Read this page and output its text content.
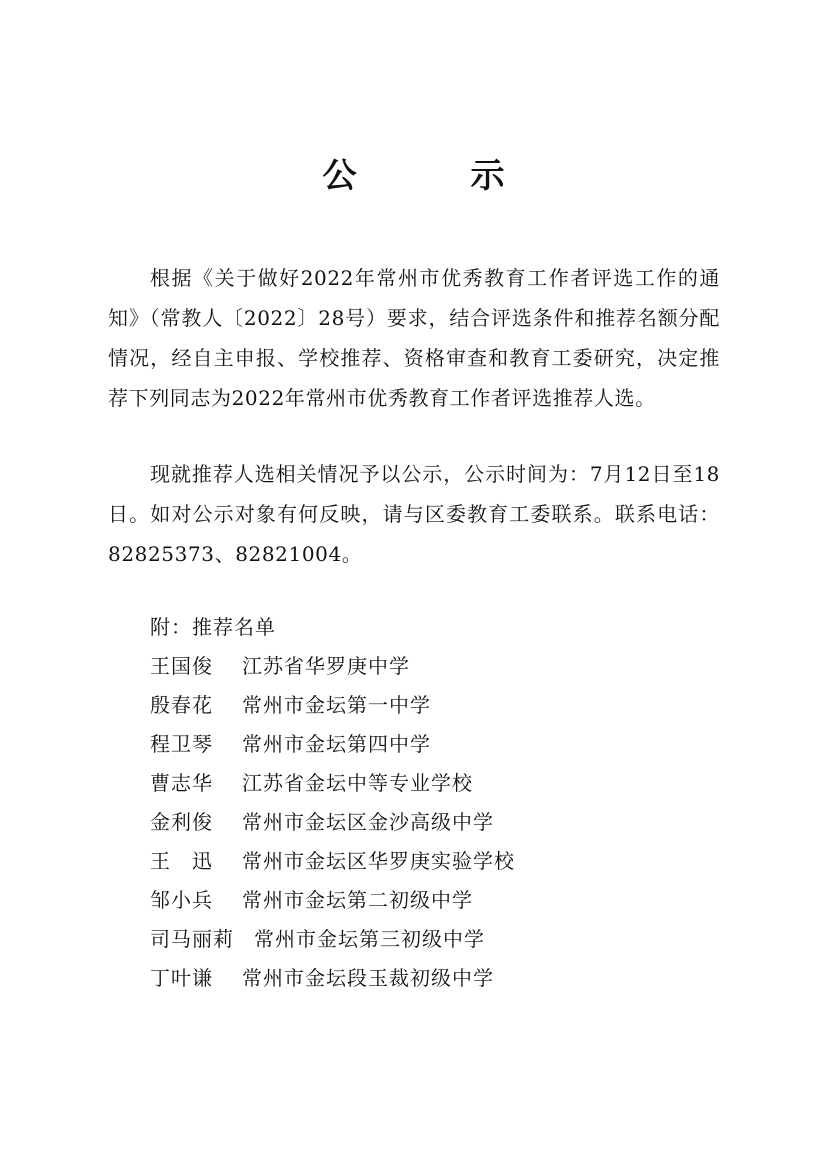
公　示

根据《关于做好2022年常州市优秀教育工作者评选工作的通知》（常教人〔2022〕28号）要求，结合评选条件和推荐名额分配情况，经自主申报、学校推荐、资格审查和教育工委研究，决定推荐下列同志为2022年常州市优秀教育工作者评选推荐人选。

现就推荐人选相关情况予以公示，公示时间为：7月12日至18日。如对公示对象有何反映，请与区委教育工委联系。联系电话：82825373、82821004。

附：推荐名单
王国俊 江苏省华罗庚中学
殷春花 常州市金坛第一中学
程卫琴 常州市金坛第四中学
曹志华 江苏省金坛中等专业学校
金利俊 常州市金坛区金沙高级中学
王　迅 常州市金坛区华罗庚实验学校
邹小兵 常州市金坛第二初级中学
司马丽莉 常州市金坛第三初级中学
丁叶谦 常州市金坛段玉裁初级中学
